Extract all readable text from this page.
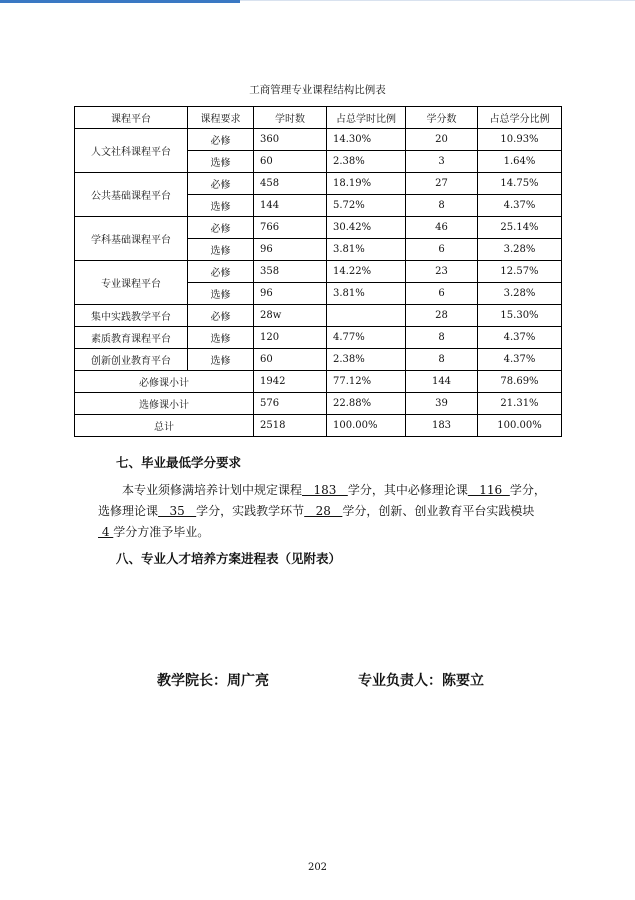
工商管理专业课程结构比例表
课程平台	课程要求	学时数	占总学时比例	学分数	占总学分比例
人文社科课程平台	必修	360	14.30%	20	10.93%
	选修	60	2.38%	3	1.64%
公共基础课程平台	必修	458	18.19%	27	14.75%
	选修	144	5.72%	8	4.37%
学科基础课程平台	必修	766	30.42%	46	25.14%
	选修	96	3.81%	6	3.28%
专业课程平台	必修	358	14.22%	23	12.57%
	选修	96	3.81%	6	3.28%
集中实践教学平台	必修	28w		28	15.30%
素质教育课程平台	选修	120	4.77%	8	4.37%
创新创业教育平台	选修	60	2.38%	8	4.37%
必修课小计		1942	77.12%	144	78.69%
选修课小计		576	22.88%	39	21.31%
总计		2518	100.00%	183	100.00%
七、毕业最低学分要求
本专业须修满培养计划中规定课程   183   学分，其中必修理论课   116  学分，选修理论课   35   学分，实践教学环节   28   学分，创新、创业教育平台实践模块 4 学分方准予毕业。
八、专业人才培养方案进程表（见附表）
教学院长：周广亮	专业负责人：陈要立
202
